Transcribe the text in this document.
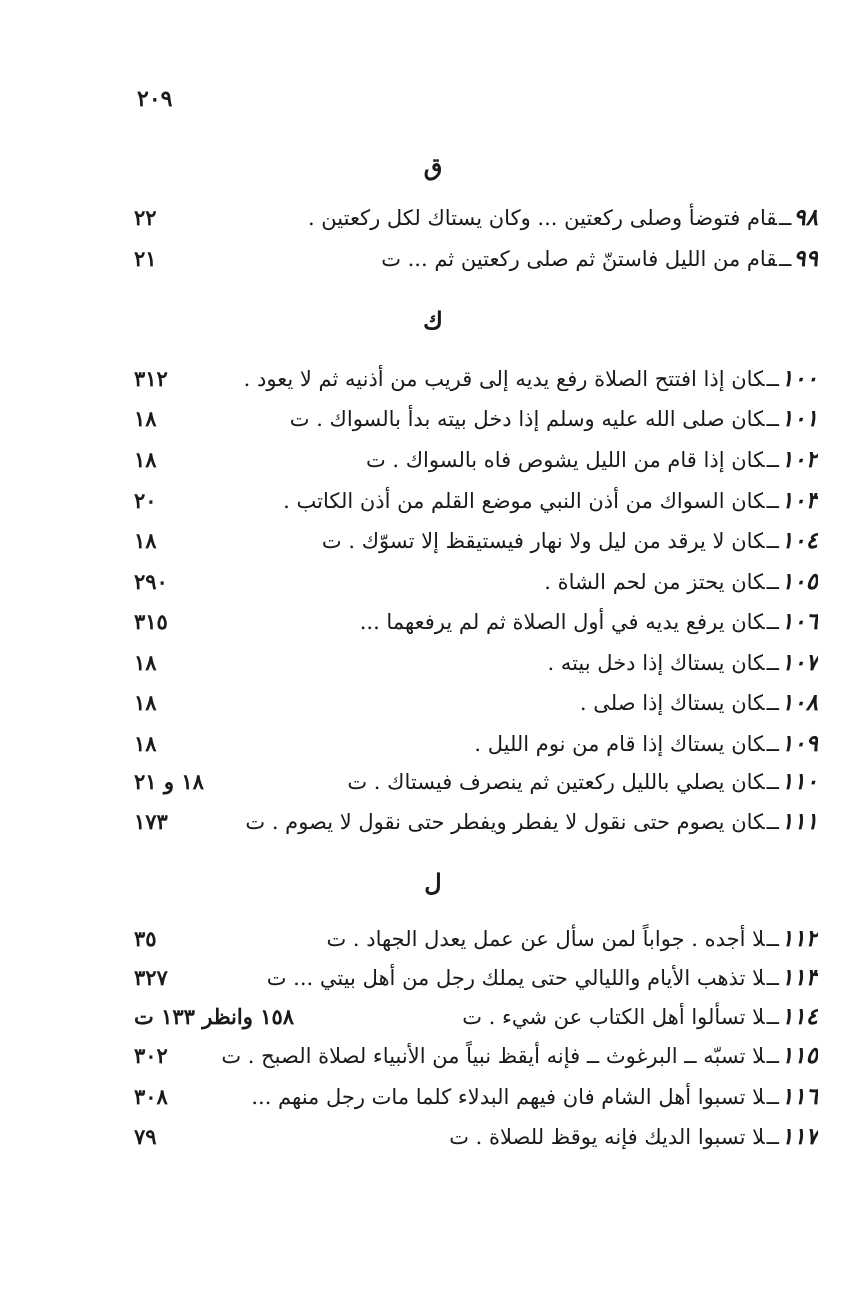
٢٠٩
ق
٩٨ــقام فتوضأ وصلى ركعتين ... وكان يستاك لكل ركعتين .
٢٢
٩٩ــقام من الليل فاستنّ ثم صلى ركعتين ثم ... ت
٢١
ك
١٠٠ــكان إذا افتتح الصلاة رفع يديه إلى قريب من أذنيه ثم لا يعود .
٣١٢
١٠١ــكان صلى الله عليه وسلم إذا دخل بيته بدأ بالسواك . ت
١٨
١٠٢ــكان إذا قام من الليل يشوص فاه بالسواك . ت
١٨
١٠٣ــكان السواك من أذن النبي موضع القلم من أذن الكاتب .
٢٠
١٠٤ــكان لا يرقد من ليل ولا نهار فيستيقظ إلا تسوّك . ت
١٨
١٠٥ــكان يحتز من لحم الشاة .
٢٩٠
١٠٦ــكان يرفع يديه في أول الصلاة ثم لم يرفعهما ...
٣١٥
١٠٧ــكان يستاك إذا دخل بيته .
١٨
١٠٨ــكان يستاك إذا صلى .
١٨
١٠٩ــكان يستاك إذا قام من نوم الليل .
١٨
١١٠ــكان يصلي بالليل ركعتين ثم ينصرف فيستاك . ت
١٨ و ٢١
١١١ــكان يصوم حتى نقول لا يفطر ويفطر حتى نقول لا يصوم . ت
١٧٣
ل
١١٢ــلا أجده . جواباً لمن سأل عن عمل يعدل الجهاد . ت
٣٥
١١٣ــلا تذهب الأيام والليالي حتى يملك رجل من أهل بيتي ... ت
٣٢٧
١١٤ــلا تسألوا أهل الكتاب عن شيء . ت
١٥٨ وانظر ١٣٣ ت
١١٥ــلا تسبّه ــ البرغوث ــ فإنه أيقظ نبياً من الأنبياء لصلاة الصبح . ت
٣٠٢
١١٦ــلا تسبوا أهل الشام فان فيهم البدلاء كلما مات رجل منهم ...
٣٠٨
١١٧ــلا تسبوا الديك فإنه يوقظ للصلاة . ت
٧٩
